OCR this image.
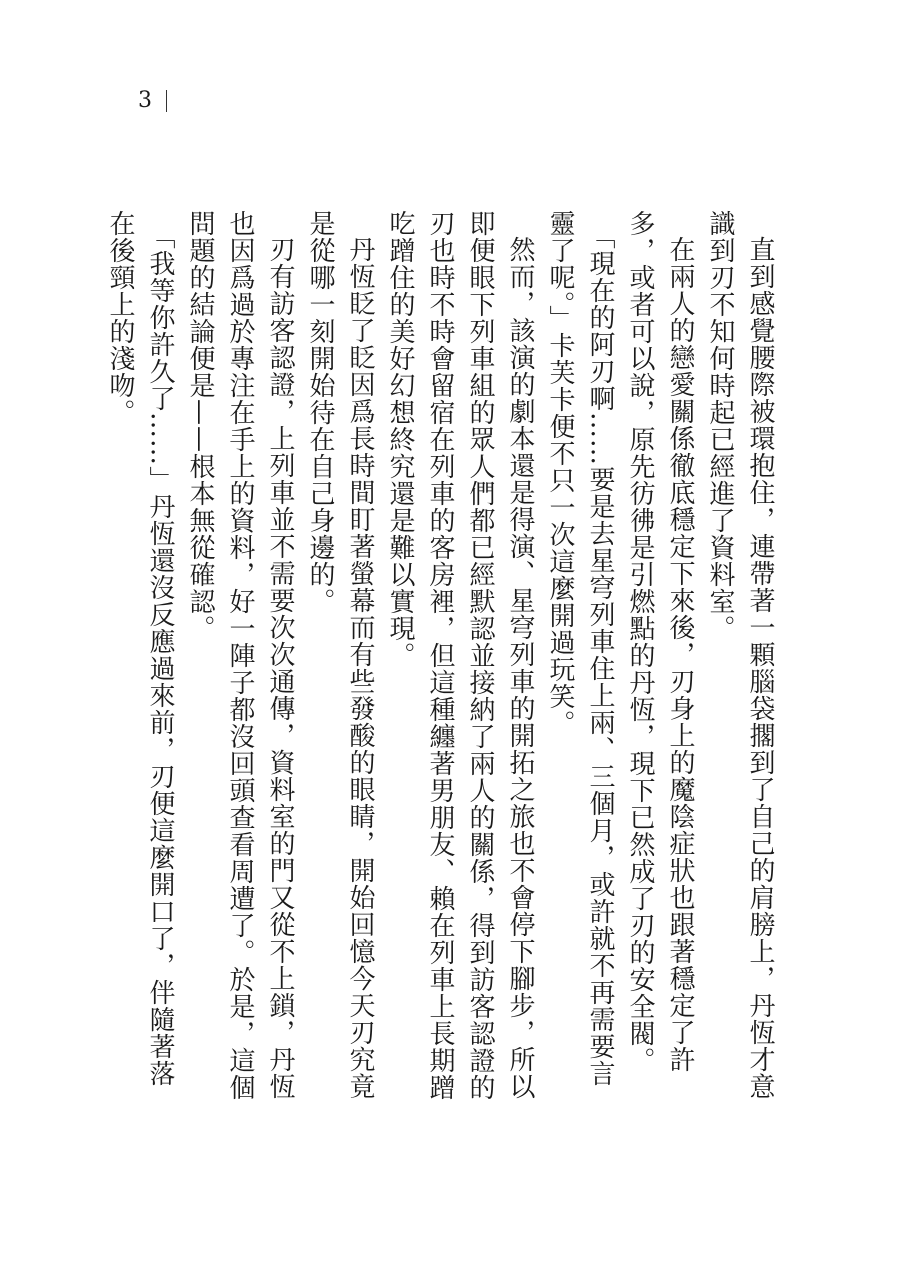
3

直到感覺腰際被環抱住，連帶著一顆腦袋擱到了自己的肩膀上，丹恆才意識到刃不知何時起已經進了資料室。

在兩人的戀愛關係徹底穩定下來後，刃身上的魔陰症狀也跟著穩定了許多，或者可以說，原先彷彿是引燃點的丹恆，現下已然成了刃的安全閥。

「現在的阿刃啊……要是去星穹列車住上兩、三個月，或許就不再需要言靈了呢。」卡芙卡便不只一次這麼開過玩笑。

然而，該演的劇本還是得演、星穹列車的開拓之旅也不會停下腳步，所以即便眼下列車組的眾人們都已經默認並接納了兩人的關係，得到訪客認證的刃也時不時會留宿在列車的客房裡，但這種纏著男朋友、賴在列車上長期蹭吃蹭住的美好幻想終究還是難以實現。

丹恆眨了眨因爲長時間盯著螢幕而有些發酸的眼睛，開始回憶今天刃究竟是從哪一刻開始待在自己身邊的。

刃有訪客認證，上列車並不需要次次通傳，資料室的門又從不上鎖，丹恆也因爲過於專注在手上的資料，好一陣子都沒回頭查看周遭了。於是，這個問題的結論便是——根本無從確認。

「我等你許久了……」丹恆還沒反應過來前，刃便這麼開口了，伴隨著落在後頸上的淺吻。
